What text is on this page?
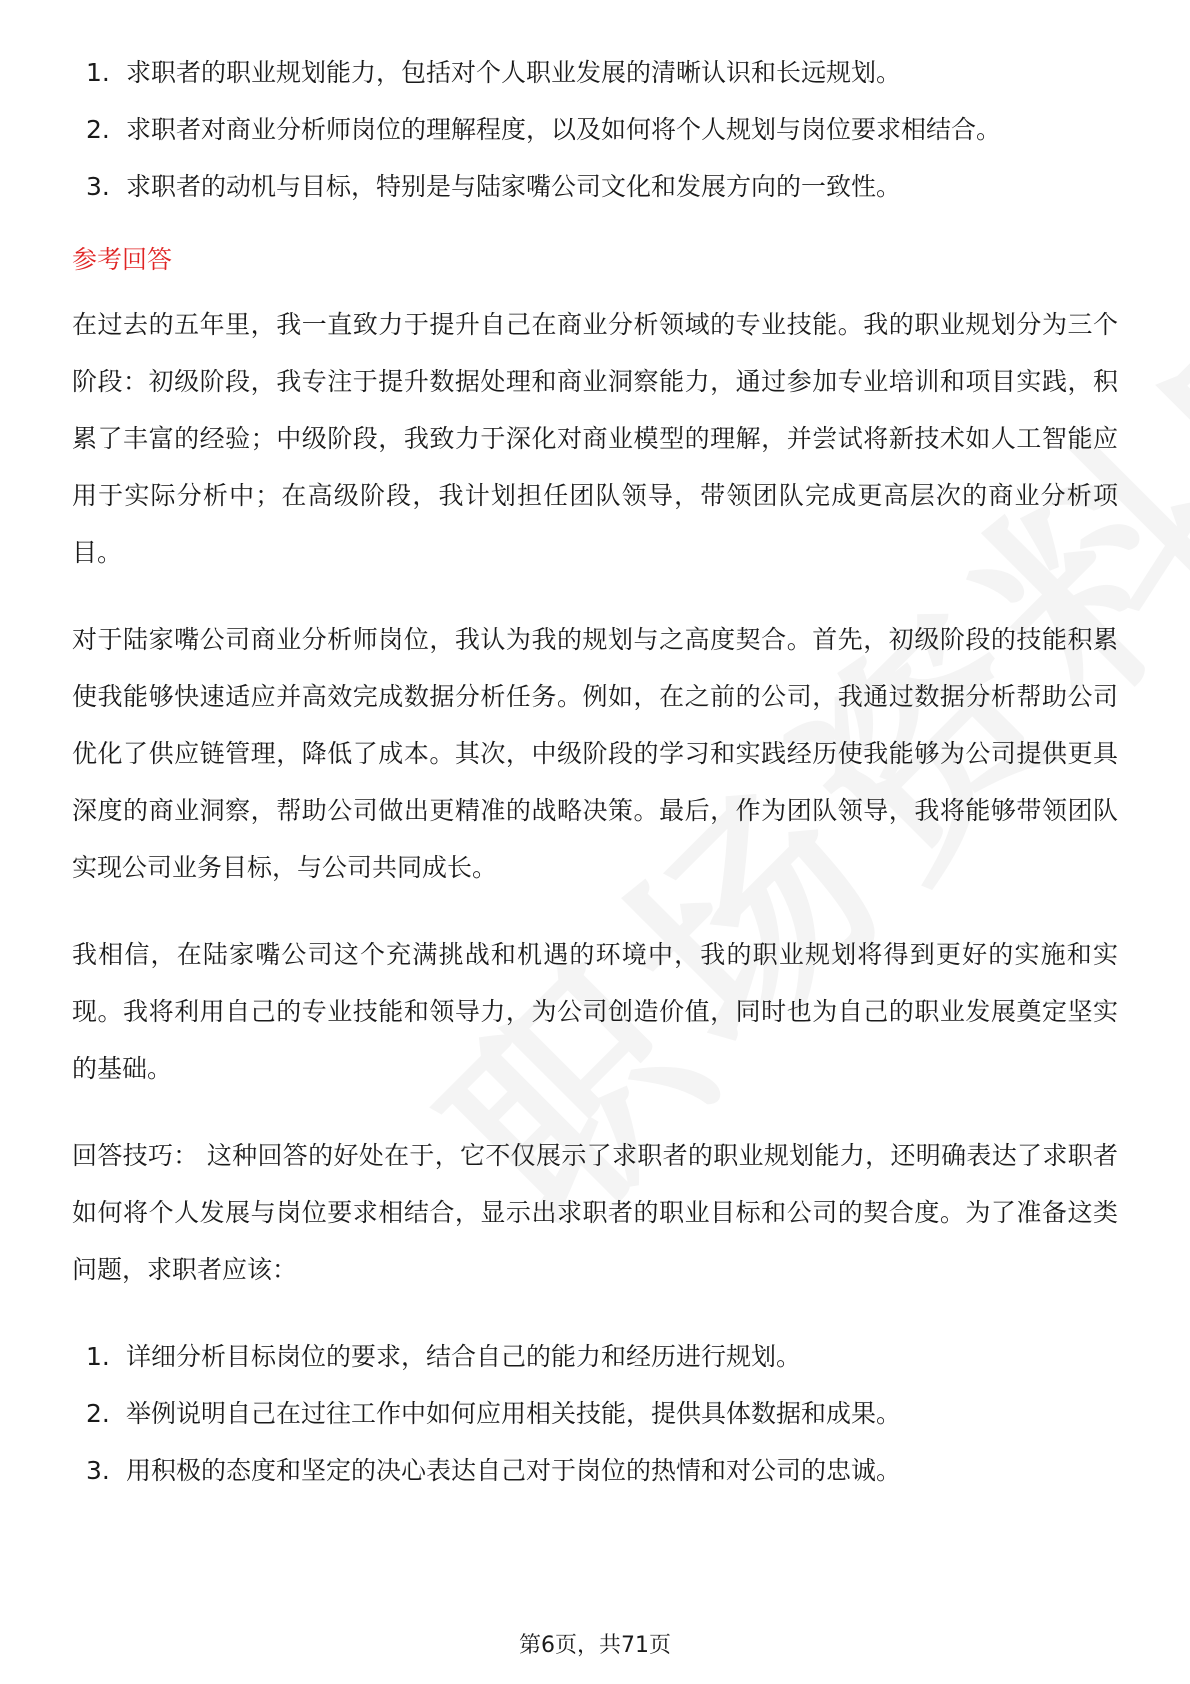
1. 求职者的职业规划能力，包括对个人职业发展的清晰认识和长远规划。
2. 求职者对商业分析师岗位的理解程度，以及如何将个人规划与岗位要求相结合。
3. 求职者的动机与目标，特别是与陆家嘴公司文化和发展方向的一致性。
参考回答

在过去的五年里，我一直致力于提升自己在商业分析领域的专业技能。我的职业规划分为三个阶段：初级阶段，我专注于提升数据处理和商业洞察能力，通过参加专业培训和项目实践，积累了丰富的经验；中级阶段，我致力于深化对商业模型的理解，并尝试将新技术如人工智能应用于实际分析中；在高级阶段，我计划担任团队领导，带领团队完成更高层次的商业分析项目。

对于陆家嘴公司商业分析师岗位，我认为我的规划与之高度契合。首先，初级阶段的技能积累使我能够快速适应并高效完成数据分析任务。例如，在之前的公司，我通过数据分析帮助公司优化了供应链管理，降低了成本。其次，中级阶段的学习和实践经历使我能够为公司提供更具深度的商业洞察，帮助公司做出更精准的战略决策。最后，作为团队领导，我将能够带领团队实现公司业务目标，与公司共同成长。

我相信，在陆家嘴公司这个充满挑战和机遇的环境中，我的职业规划将得到更好的实施和实现。我将利用自己的专业技能和领导力，为公司创造价值，同时也为自己的职业发展奠定坚实的基础。

回答技巧： 这种回答的好处在于，它不仅展示了求职者的职业规划能力，还明确表达了求职者如何将个人发展与岗位要求相结合，显示出求职者的职业目标和公司的契合度。为了准备这类问题，求职者应该：

1. 详细分析目标岗位的要求，结合自己的能力和经历进行规划。
2. 举例说明自己在过往工作中如何应用相关技能，提供具体数据和成果。
3. 用积极的态度和坚定的决心表达自己对于岗位的热情和对公司的忠诚。
第6页，共71页
